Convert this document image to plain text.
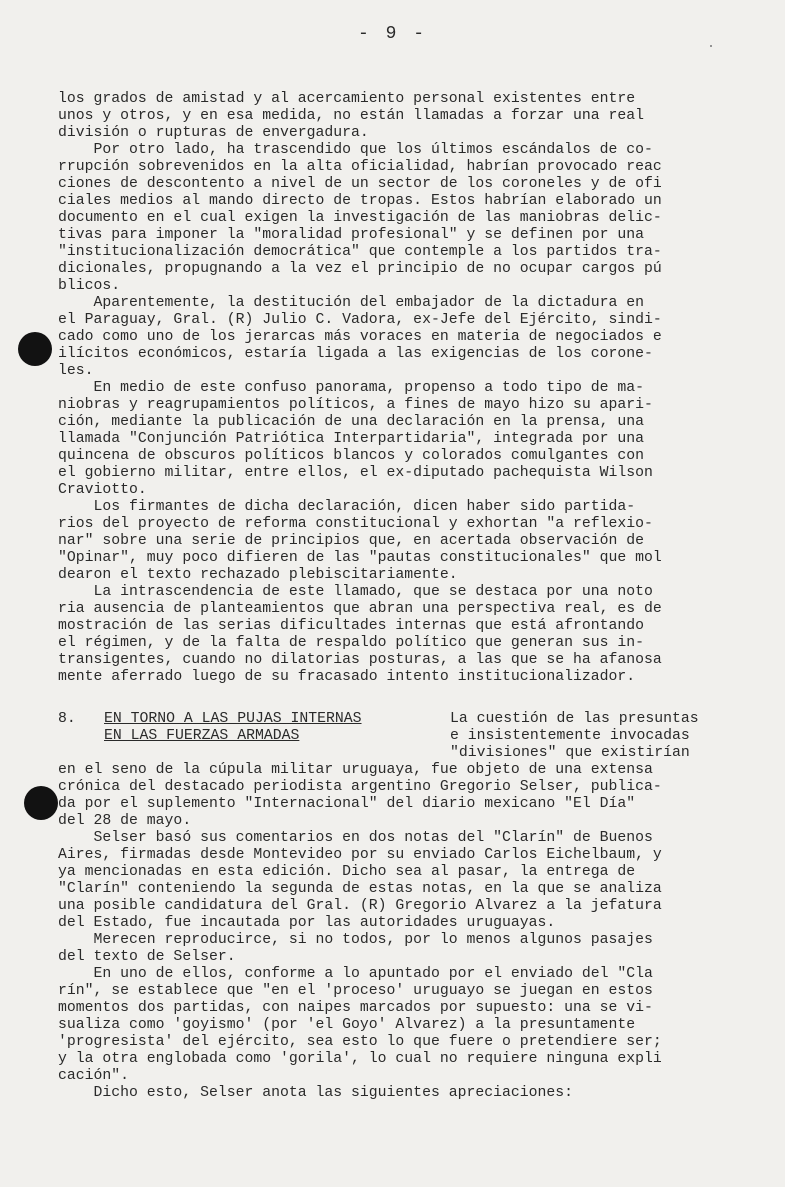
- 9 -
los grados de amistad y al acercamiento personal existentes entre
unos y otros, y en esa medida, no están llamadas a forzar una real
división o rupturas de envergadura.
Por otro lado, ha trascendido que los últimos escándalos de co-
rrupción sobrevenidos en la alta oficialidad, habrían provocado reac
ciones de descontento a nivel de un sector de los coroneles y de ofi
ciales medios al mando directo de tropas. Estos habrían elaborado un
documento en el cual exigen la investigación de las maniobras delic-
tivas para imponer la "moralidad profesional" y se definen por una
"institucionalización democrática" que contemple a los partidos tra-
dicionales, propugnando a la vez el principio de no ocupar cargos pú
blicos.
Aparentemente, la destitución del embajador de la dictadura en
el Paraguay, Gral. (R) Julio C. Vadora, ex-Jefe del Ejército, sindi-
cado como uno de los jerarcas más voraces en materia de negociados e
ilícitos económicos, estaría ligada a las exigencias de los corone-
les.
En medio de este confuso panorama, propenso a todo tipo de ma-
niobras y reagrupamientos políticos, a fines de mayo hizo su apari-
ción, mediante la publicación de una declaración en la prensa, una
llamada "Conjunción Patriótica Interpartidaria", integrada por una
quincena de obscuros políticos blancos y colorados comulgantes con
el gobierno militar, entre ellos, el ex-diputado pachequista Wilson
Craviotto.
Los firmantes de dicha declaración, dicen haber sido partida-
rios del proyecto de reforma constitucional y exhortan "a reflexio-
nar" sobre una serie de principios que, en acertada observación de
"Opinar", muy poco difieren de las "pautas constitucionales" que mol
dearon el texto rechazado plebiscitariamente.
La intrascendencia de este llamado, que se destaca por una noto
ria ausencia de planteamientos que abran una perspectiva real, es de
mostración de las serias dificultades internas que está afrontando
el régimen, y de la falta de respaldo político que generan sus in-
transigentes, cuando no dilatorias posturas, a las que se ha afanosa
mente aferrado luego de su fracasado intento institucionalizador.
8. EN TORNO A LAS PUJAS INTERNAS
EN LAS FUERZAS ARMADAS
La cuestión de las presuntas
e insistentemente invocadas
"divisiones" que existirían
en el seno de la cúpula militar uruguaya, fue objeto de una extensa
crónica del destacado periodista argentino Gregorio Selser, publica-
da por el suplemento "Internacional" del diario mexicano "El Día"
del 28 de mayo.
Selser basó sus comentarios en dos notas del "Clarín" de Buenos
Aires, firmadas desde Montevideo por su enviado Carlos Eichelbaum, y
ya mencionadas en esta edición. Dicho sea al pasar, la entrega de
"Clarín" conteniendo la segunda de estas notas, en la que se analiza
una posible candidatura del Gral. (R) Gregorio Alvarez a la jefatura
del Estado, fue incautada por las autoridades uruguayas.
Merecen reproducirce, si no todos, por lo menos algunos pasajes
del texto de Selser.
En uno de ellos, conforme a lo apuntado por el enviado del "Cla
rín", se establece que "en el 'proceso' uruguayo se juegan en estos
momentos dos partidas, con naipes marcados por supuesto: una se vi-
sualiza como 'goyismo' (por 'el Goyo' Alvarez) a la presuntamente
'progresista' del ejército, sea esto lo que fuere o pretendiere ser;
y la otra englobada como 'gorila', lo cual no requiere ninguna expli
cación".
Dicho esto, Selser anota las siguientes apreciaciones:
